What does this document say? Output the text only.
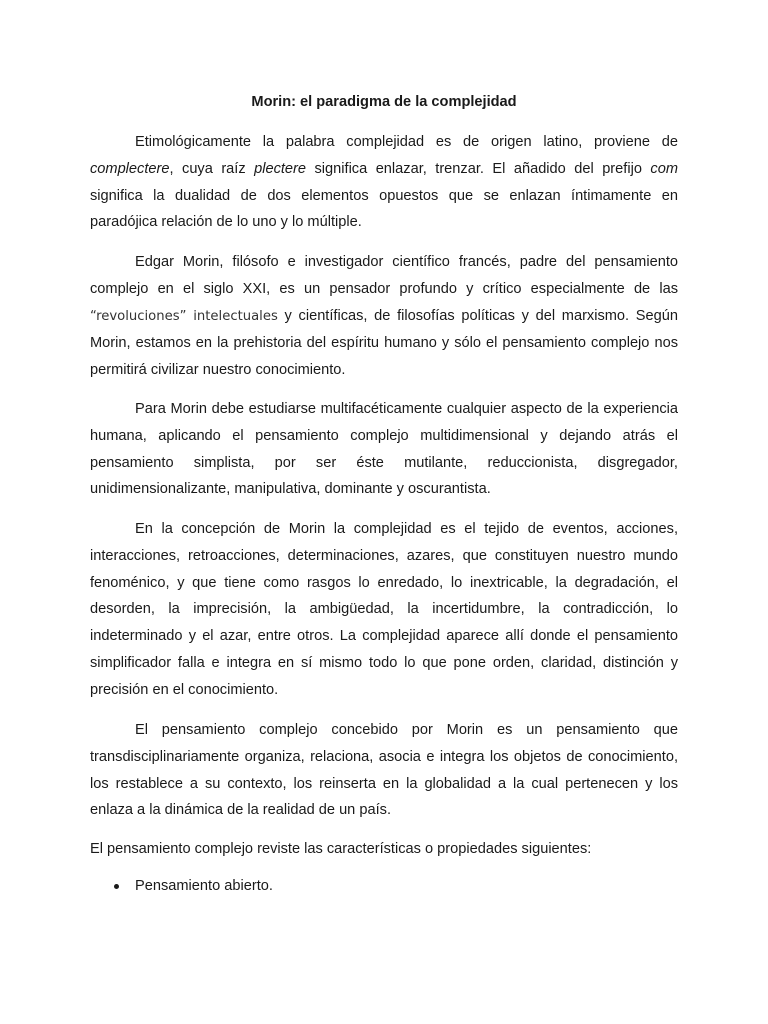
Morin: el paradigma de la complejidad

Etimológicamente la palabra complejidad es de origen latino, proviene de complectere, cuya raíz plectere significa enlazar, trenzar. El añadido del prefijo com significa la dualidad de dos elementos opuestos que se enlazan íntimamente en paradójica relación de lo uno y lo múltiple.

Edgar Morin, filósofo e investigador científico francés, padre del pensamiento complejo en el siglo XXI, es un pensador profundo y crítico especialmente de las “revoluciones” intelectuales y científicas, de filosofías políticas y del marxismo. Según Morin, estamos en la prehistoria del espíritu humano y sólo el pensamiento complejo nos permitirá civilizar nuestro conocimiento.

Para Morin debe estudiarse multifacéticamente cualquier aspecto de la experiencia humana, aplicando el pensamiento complejo multidimensional y dejando atrás el pensamiento simplista, por ser éste mutilante, reduccionista, disgregador, unidimensionalizante, manipulativa, dominante y oscurantista.

En la concepción de Morin la complejidad es el tejido de eventos, acciones, interacciones, retroacciones, determinaciones, azares, que constituyen nuestro mundo fenoménico, y que tiene como rasgos lo enredado, lo inextricable, la degradación, el desorden, la imprecisión, la ambigüedad, la incertidumbre, la contradicción, lo indeterminado y el azar, entre otros. La complejidad aparece allí donde el pensamiento simplificador falla e integra en sí mismo todo lo que pone orden, claridad, distinción y precisión en el conocimiento.

El pensamiento complejo concebido por Morin es un pensamiento que transdisciplinariamente organiza, relaciona, asocia e integra los objetos de conocimiento, los restablece a su contexto, los reinserta en la globalidad a la cual pertenecen y los enlaza a la dinámica de la realidad de un país.

El pensamiento complejo reviste las características o propiedades siguientes:

Pensamiento abierto.
